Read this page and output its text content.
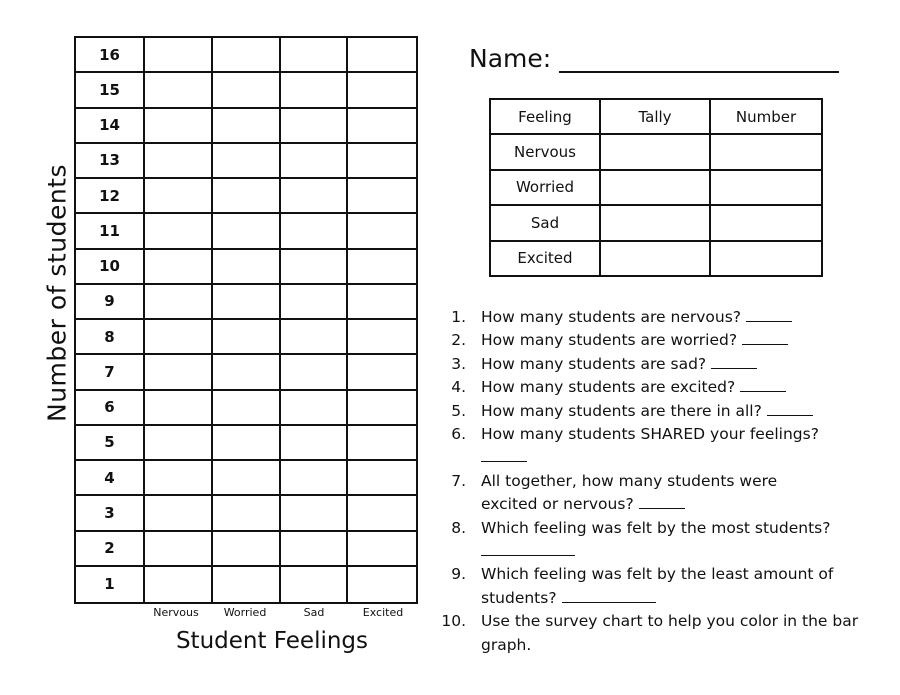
16
15
14
13
12
11
10
9
8
7
6
5
4
3
2
1
Number of students
Nervous	Worried	Sad	Excited
Student Feelings
Name:
Feeling	Tally	Number
Nervous		
Worried		
Sad		
Excited		
1. How many students are nervous?
2. How many students are worried?
3. How many students are sad?
4. How many students are excited?
5. How many students are there in all?
6. How many students SHARED your feelings?

7. All together, how many students were excited or nervous?
8. Which feeling was felt by the most students?

9. Which feeling was felt by the least amount of students?
10. Use the survey chart to help you color in the bar graph.
